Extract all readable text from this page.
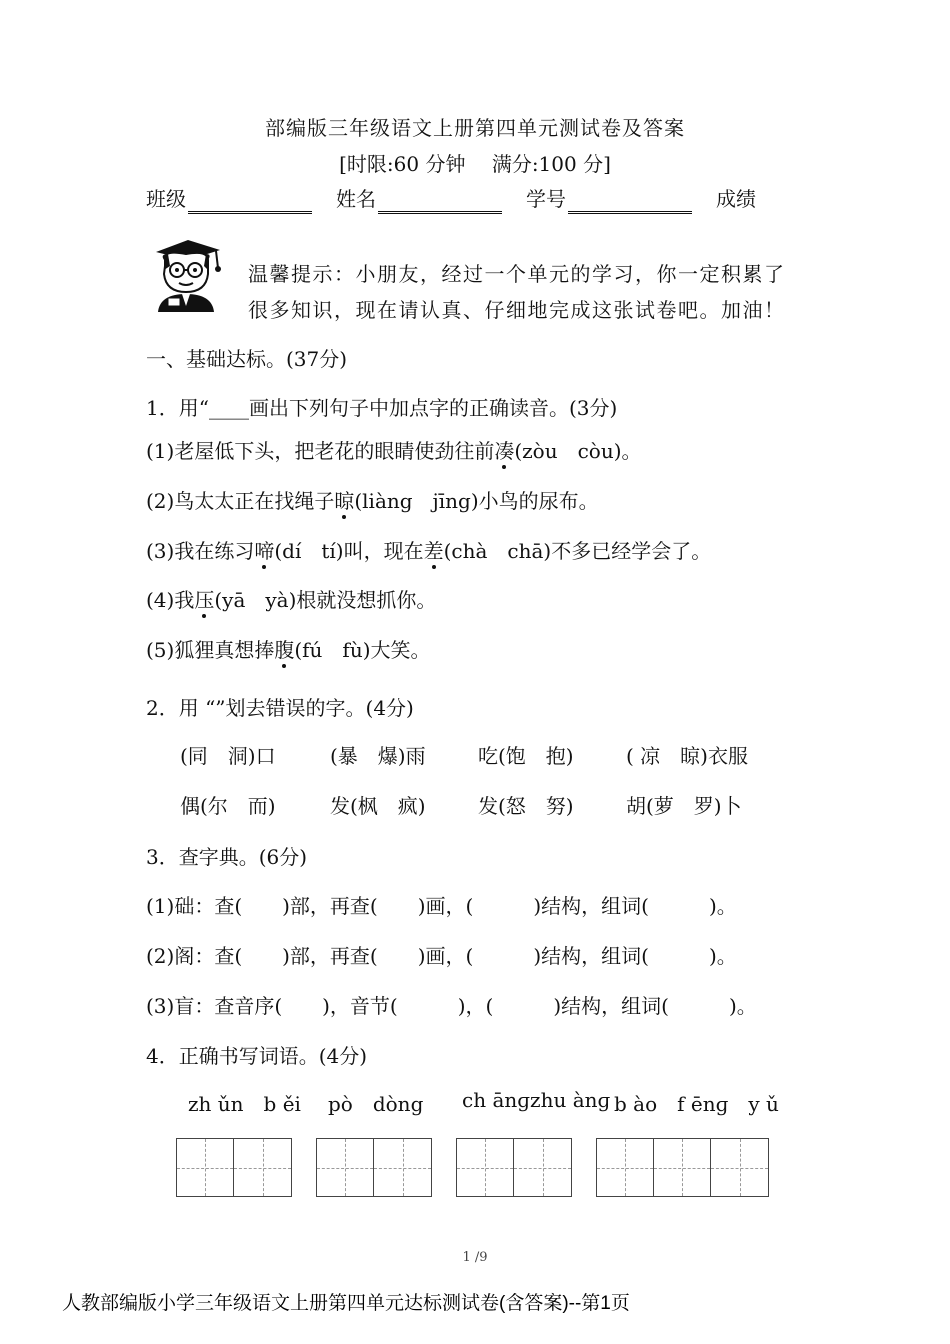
部编版三年级语文上册第四单元测试卷及答案
[时限:60 分钟　 满分:100 分]
班级	姓名	学号	成绩
温馨提示：小朋友，经过一个单元的学习，你一定积累了
很多知识，现在请认真、仔细地完成这张试卷吧。加油！
一、基础达标。(37分)
1．用“____画出下列句子中加点字的正确读音。(3分)
(1)老屋低下头，把老花的眼睛使劲往前凑(zòu　còu)。
(2)鸟太太正在找绳子晾(liàng　jīng)小鸟的尿布。
(3)我在练习啼(dí　tí)叫，现在差(chà　chā)不多已经学会了。
(4)我压(yā　yà)根就没想抓你。
(5)狐狸真想捧腹(fú　fù)大笑。
2．用 “”划去错误的字。(4分)
(同　洞)口	(暴　爆)雨	吃(饱　抱)	( 凉　晾)衣服
偶(尔　而)	发(枫　疯)	发(怒　努)	胡(萝　罗)卜
3．查字典。(6分)
(1)础：查(　　)部，再查(　　)画，(　　　)结构，组词(　　　)。
(2)阁：查(　　)部，再查(　　)画，(　　　)结构，组词(　　　)。
(3)盲：查音序(　　)，音节(　　　)，(　　　)结构，组词(　　　)。
4．正确书写词语。(4分)
zh ǔn　b ěi pò　dòng ch ānɡzhu ànɡ b ào　f ēnɡ　y ǔ
1 /9
人教部编版小学三年级语文上册第四单元达标测试卷(含答案)--第1页
